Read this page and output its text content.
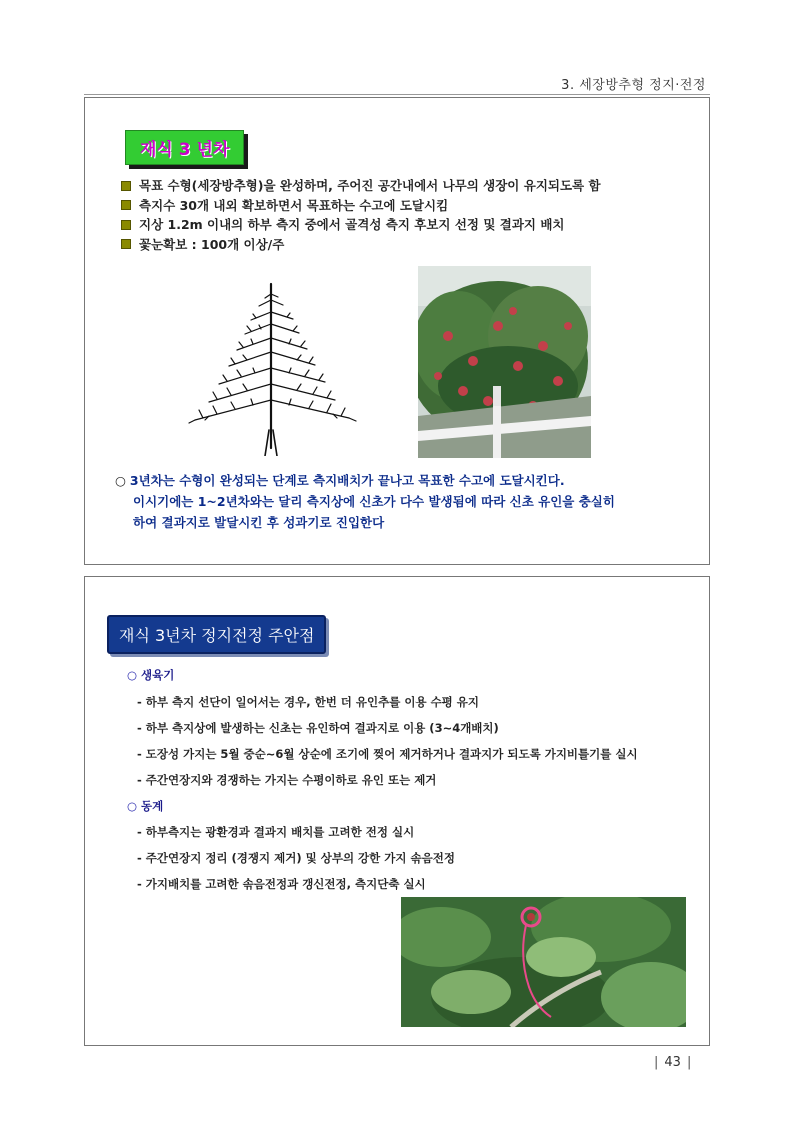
3. 세장방추형 정지·전정
재식 3 년차
목표 수형(세장방추형)을 완성하며, 주어진 공간내에서 나무의 생장이 유지되도록 함
측지수 30개 내외 확보하면서 목표하는 수고에 도달시킴
지상 1.2m 이내의 하부 측지 중에서 골격성 측지 후보지 선정 및 결과지 배치
꽃눈확보 : 100개 이상/주
○ 3년차는 수형이 완성되는 단계로 측지배치가 끝나고 목표한 수고에 도달시킨다.
이시기에는 1~2년차와는 달리 측지상에 신초가 다수 발생됨에 따라 신초 유인을 충실히
하여 결과지로 발달시킨 후 성과기로 진입한다
재식 3년차 정지전정 주안점
○ 생육기
- 하부 측지 선단이 일어서는 경우, 한번 더 유인추를 이용 수평 유지
- 하부 측지상에 발생하는 신초는 유인하여 결과지로 이용 (3~4개배치)
- 도장성 가지는 5월 중순~6월 상순에 조기에 찢어 제거하거나 결과지가 되도록 가지비틀기를 실시
- 주간연장지와 경쟁하는 가지는 수평이하로 유인 또는 제거
○ 동계
- 하부측지는 광환경과 결과지 배치를 고려한 전정 실시
- 주간연장지 정리 (경쟁지 제거) 및 상부의 강한 가지 솎음전정
- 가지배치를 고려한 솎음전정과 갱신전정, 측지단축 실시
| 43 |
